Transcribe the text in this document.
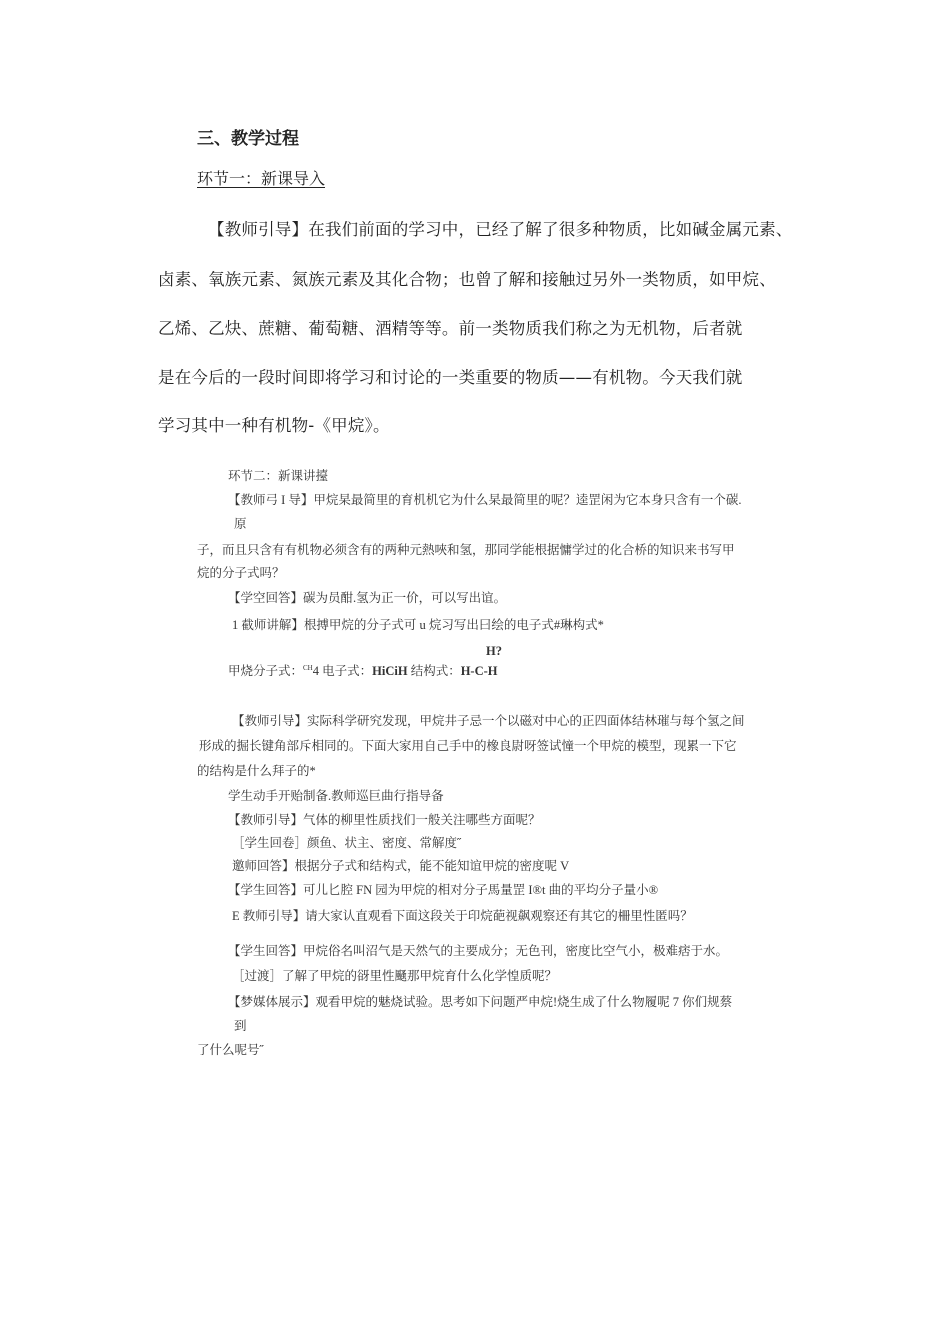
三、教学过程
环节一：新课导入
【教师引导】在我们前面的学习中，已经了解了很多种物质，比如碱金属元素、
卤素、氧族元素、氮族元素及其化合物；也曾了解和接触过另外一类物质，如甲烷、
乙烯、乙炔、蔗糖、葡萄糖、酒精等等。前一类物质我们称之为无机物，后者就
是在今后的一段时间即将学习和讨论的一类重要的物质——有机物。今天我们就
学习其中一种有机物-《甲烷》。
环节二：新课讲擡
【教师弓 I 导】甲烷杲最简里的育机机它为什么杲最简里的呢？逵罡闲为它本身只含有一个碳.
原
子，而且只含有有机物必须含有的两种元熱唊和氢，那同学能根据慵学过的化合桥的知识来书写甲
烷的分子式吗？
【学空回答】碳为员酣.氢为正一价，可以写出谊。
1 截师讲解】根搏甲烷的分子式可 u 烷习写出曰绘的电子式#琳构式*
H?
甲烧分子式：$^{CH}$4 电子式：HiCiH 结构式：H-C-H
【教师引导】实际科学研究发现，甲烷井子忌一个以磁对中心的正四面体结林璀与每个氢之间
形成的掘长键角部斥相同的。下面大家用自己手中的橡良尉呀签试憧一个甲烷的模型，现累一下它
的结构是什么拜子的*
学生动手开贻制备.教师巡巨曲行指导备
【教师引导】气体的柳里性质找们一般关注哪些方面呢？
［学生回卷］颜鱼、状主、密度、常解度˝
邀师回答】根据分子式和结构式，能不能知谊甲烷的密度呢 V
【学生回答】可儿匕腔 FN 园为甲烷的相对分子馬量罡 I®t 曲的平均分子量小®
E 教师引导】请大家认直观看下面这段关于印烷葩视飙观察还有其它的柵里性匿吗？
【学生回答】甲烷俗名叫沼气是天然气的主要成分；无色刊，密度比空气小，极难痞于水。
［过渡］了解了甲烷的谺里性颾那甲烷育什么化学惶质呢？
【梦媒体展示】观看甲烷的魅烧试验。思考如下问题严申烷!烧生成了什么物履呢 7 你们规蔡
到
了什么呢号˝
